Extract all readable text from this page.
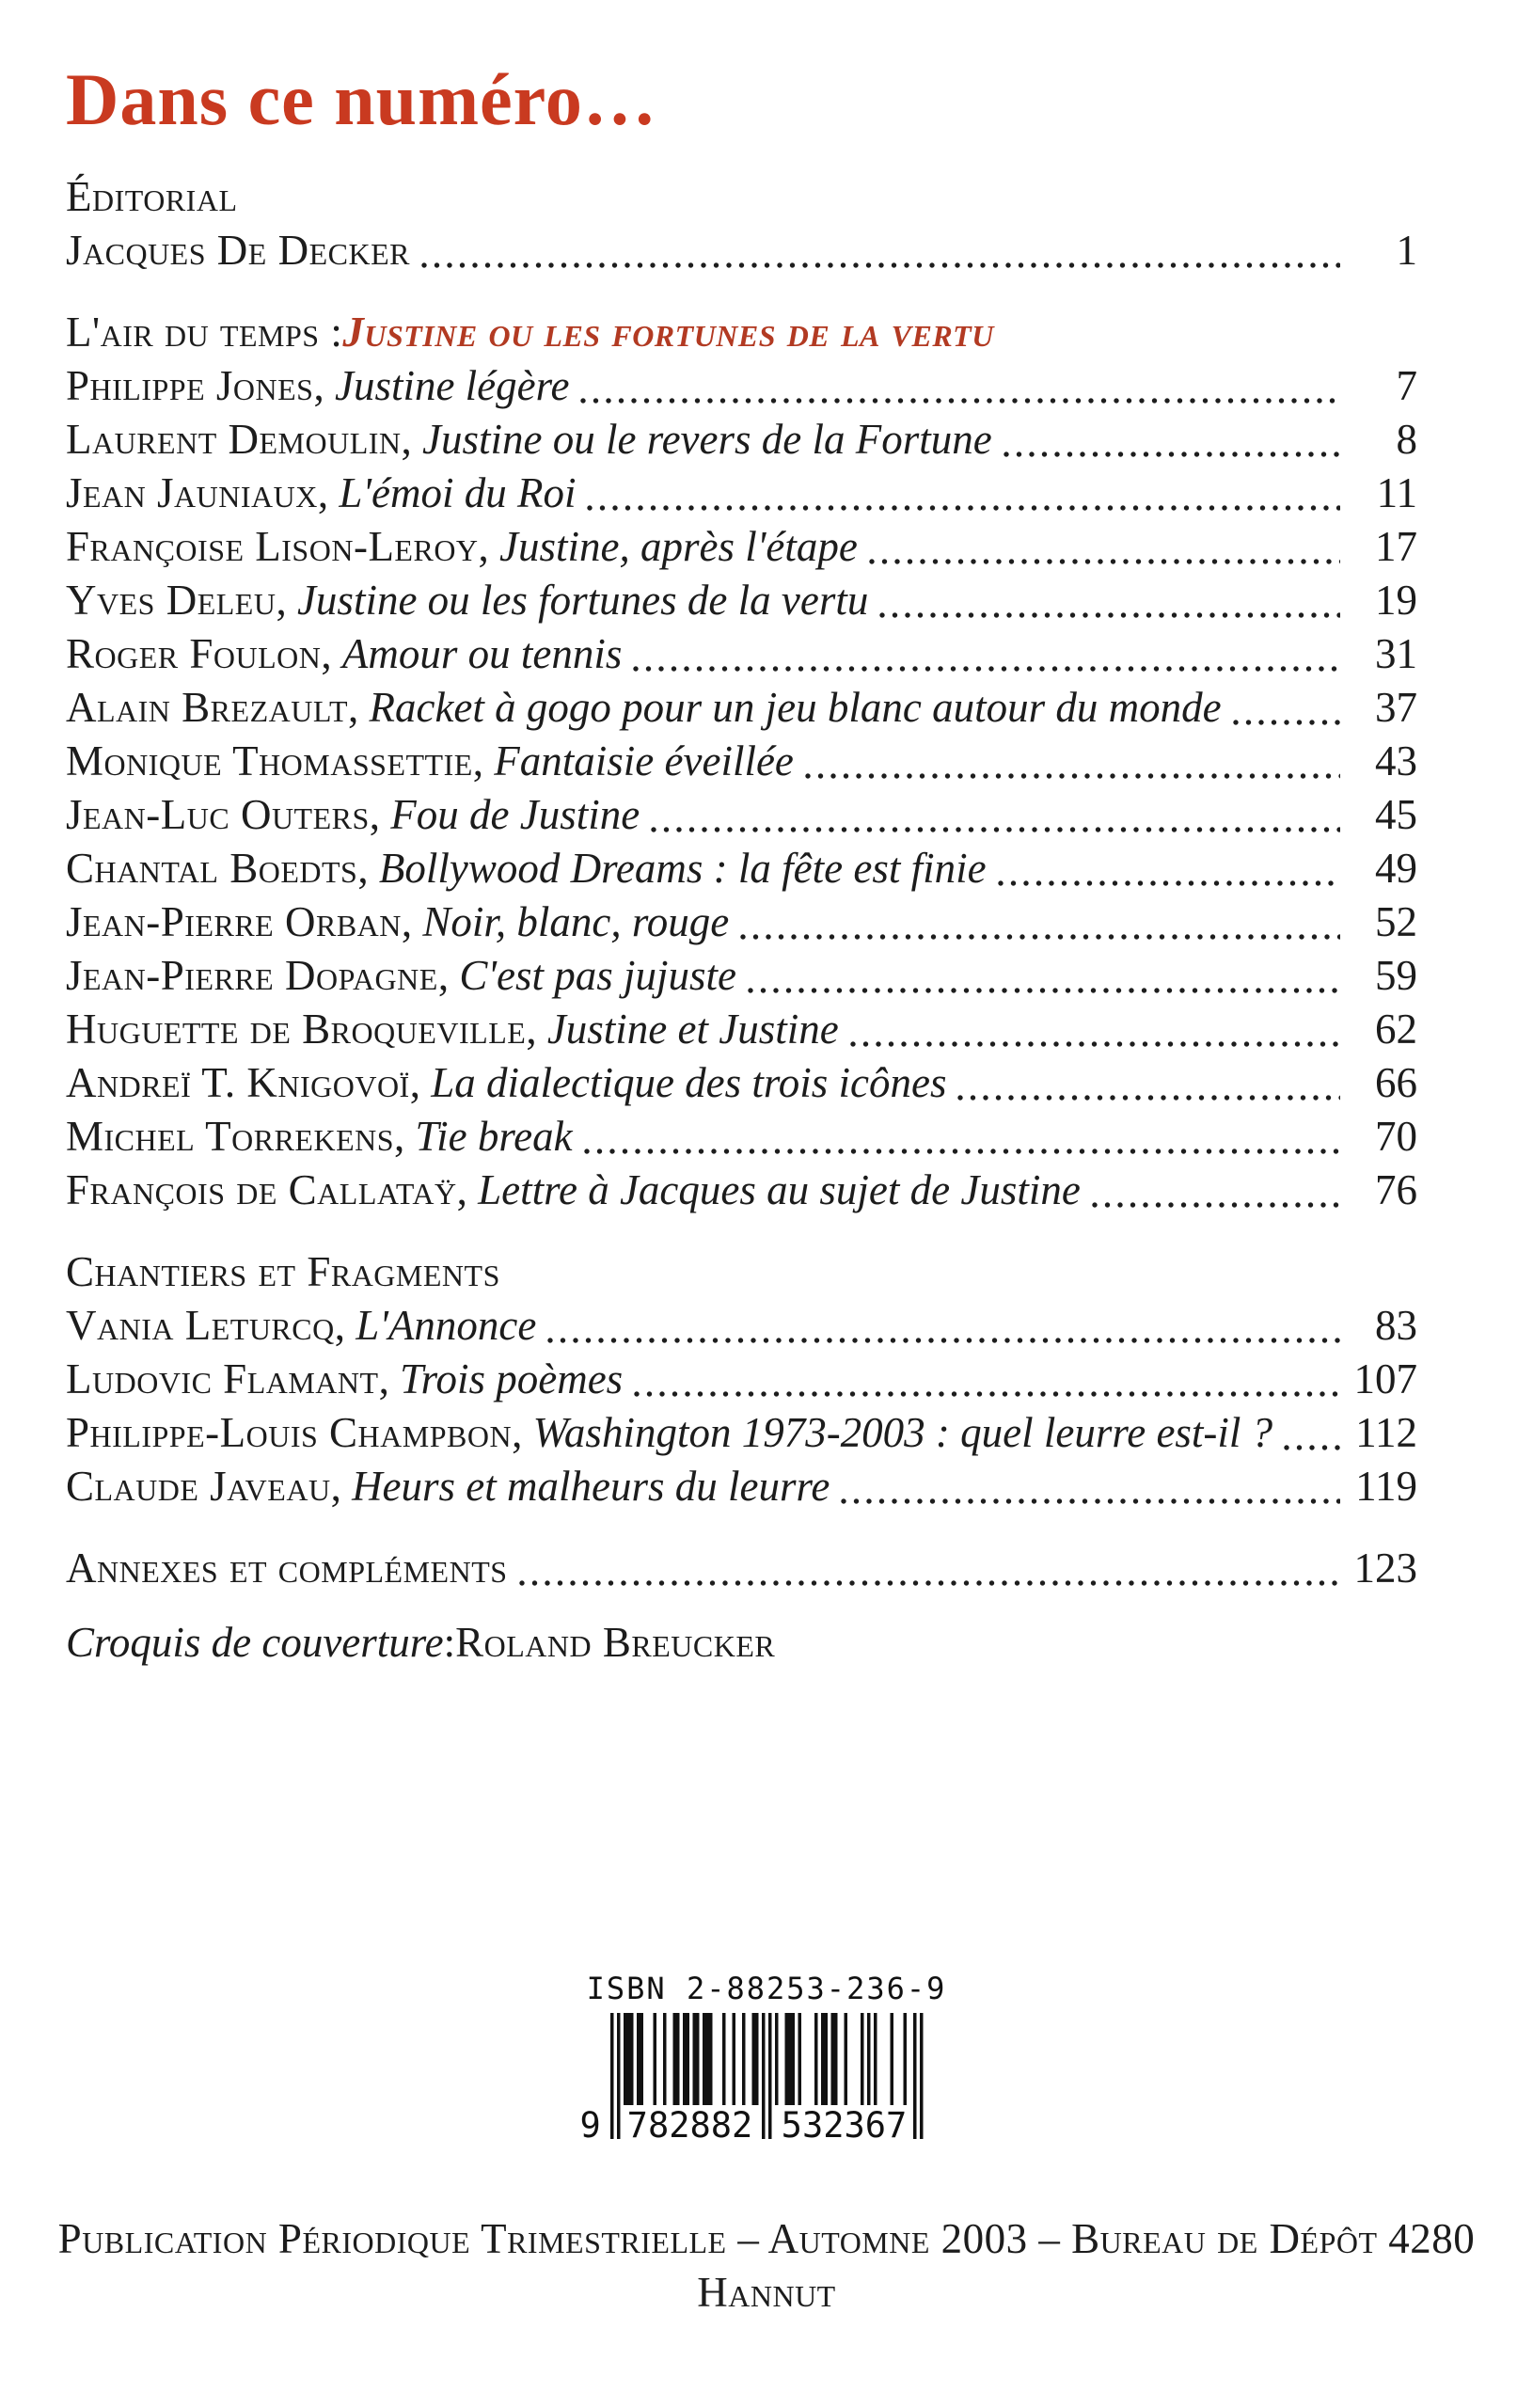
Dans ce numéro…
Éditorial
Jacques De Decker	1
L'air du temps : Justine ou les fortunes de la vertu
Philippe Jones, Justine légère	7
Laurent Demoulin, Justine ou le revers de la Fortune	8
Jean Jauniaux, L'émoi du Roi	11
Françoise Lison-Leroy, Justine, après l'étape	17
Yves Deleu, Justine ou les fortunes de la vertu	19
Roger Foulon, Amour ou tennis	31
Alain Brezault, Racket à gogo pour un jeu blanc autour du monde	37
Monique Thomassettie, Fantaisie éveillée	43
Jean-Luc Outers, Fou de Justine	45
Chantal Boedts, Bollywood Dreams : la fête est finie	49
Jean-Pierre Orban, Noir, blanc, rouge	52
Jean-Pierre Dopagne, C'est pas jujuste	59
Huguette de Broqueville, Justine et Justine	62
Andreï T. Knigovoï, La dialectique des trois icônes	66
Michel Torrekens, Tie break	70
François de Callataÿ, Lettre à Jacques au sujet de Justine	76
Chantiers et Fragments
Vania Leturcq, L'Annonce	83
Ludovic Flamant, Trois poèmes	107
Philippe-Louis Champbon, Washington 1973-2003 : quel leurre est-il ? 112
Claude Javeau, Heurs et malheurs du leurre	119
Annexes et compléments	123
Croquis de couverture : Roland Breucker
ISBN 2-88253-236-9
9 782882 532367
Publication Périodique Trimestrielle – Automne 2003 – Bureau de Dépôt 4280 Hannut
